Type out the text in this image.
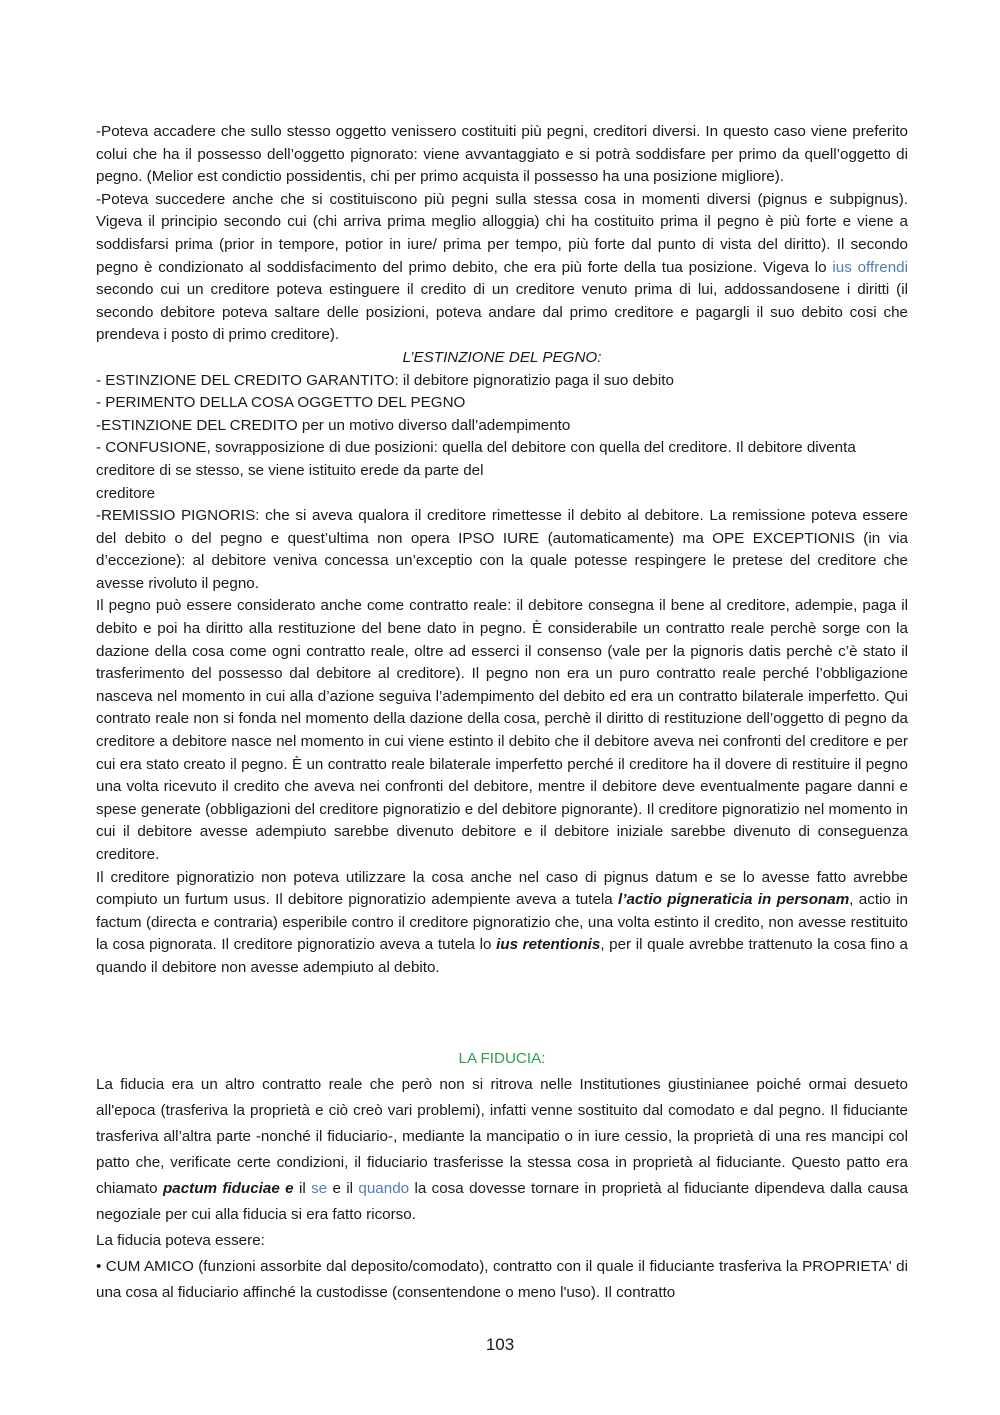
-Poteva accadere che sullo stesso oggetto venissero costituiti più pegni, creditori diversi. In questo caso viene preferito colui che ha il possesso dell’oggetto pignorato: viene avvantaggiato e si potrà soddisfare per primo da quell’oggetto di pegno. (Melior est condictio possidentis, chi per primo acquista il possesso ha una posizione migliore).

-Poteva succedere anche che si costituiscono più pegni sulla stessa cosa in momenti diversi (pignus e subpignus). Vigeva il principio secondo cui (chi arriva prima meglio alloggia) chi ha costituito prima il pegno è più forte e viene a soddisfarsi prima (prior in tempore, potior in iure/ prima per tempo, più forte dal punto di vista del diritto). Il secondo pegno è condizionato al soddisfacimento del primo debito, che era più forte della tua posizione. Vigeva lo ius offrendi secondo cui un creditore poteva estinguere il credito di un creditore venuto prima di lui, addossandosene i diritti (il secondo debitore poteva saltare delle posizioni, poteva andare dal primo creditore e pagargli il suo debito cosi che prendeva i posto di primo creditore).

L’ESTINZIONE DEL PEGNO:

- ESTINZIONE DEL CREDITO GARANTITO: il debitore pignoratizio paga il suo debito

- PERIMENTO DELLA COSA OGGETTO DEL PEGNO

-ESTINZIONE DEL CREDITO per un motivo diverso dall’adempimento

- CONFUSIONE, sovrapposizione di due posizioni: quella del debitore con quella del creditore. Il debitore diventa creditore di se stesso, se viene istituito erede da parte del

creditore

-REMISSIO PIGNORIS: che si aveva qualora il creditore rimettesse il debito al debitore. La remissione poteva essere del debito o del pegno e quest’ultima non opera IPSO IURE (automaticamente) ma OPE EXCEPTIONIS (in via d’eccezione): al debitore veniva concessa un’exceptio con la quale potesse respingere le pretese del creditore che avesse rivoluto il pegno.

Il pegno può essere considerato anche come contratto reale: il debitore consegna il bene al creditore, adempie, paga il debito e poi ha diritto alla restituzione del bene dato in pegno. È considerabile un contratto reale perchè sorge con la dazione della cosa come ogni contratto reale, oltre ad esserci il consenso (vale per la pignoris datis perchè c’è stato il trasferimento del possesso dal debitore al creditore). Il pegno non era un puro contratto reale perché l’obbligazione nasceva nel momento in cui alla d’azione seguiva l’adempimento del debito ed era un contratto bilaterale imperfetto. Qui contrato reale non si fonda nel momento della dazione della cosa, perchè il diritto di restituzione dell’oggetto di pegno da creditore a debitore nasce nel momento in cui viene estinto il debito che il debitore aveva nei confronti del creditore e per cui era stato creato il pegno. È un contratto reale bilaterale imperfetto perché il creditore ha il dovere di restituire il pegno una volta ricevuto il credito che aveva nei confronti del debitore, mentre il debitore deve eventualmente pagare danni e spese generate (obbligazioni del creditore pignoratizio e del debitore pignorante). Il creditore pignoratizio nel momento in cui il debitore avesse adempiuto sarebbe divenuto debitore e il debitore iniziale sarebbe divenuto di conseguenza creditore.

Il creditore pignoratizio non poteva utilizzare la cosa anche nel caso di pignus datum e se lo avesse fatto avrebbe compiuto un furtum usus. Il debitore pignoratizio adempiente aveva a tutela l’actio pigneraticia in personam, actio in factum (directa e contraria) esperibile contro il creditore pignoratizio che, una volta estinto il credito, non avesse restituito la cosa pignorata. Il creditore pignoratizio aveva a tutela lo ius retentionis, per il quale avrebbe trattenuto la cosa fino a quando il debitore non avesse adempiuto al debito.

LA FIDUCIA:

La fiducia era un altro contratto reale che però non si ritrova nelle Institutiones giustinianee poiché ormai desueto all'epoca (trasferiva la proprietà e ciò creò vari problemi), infatti venne sostituito dal comodato e dal pegno. Il fiduciante trasferiva all’altra parte -nonché il fiduciario-, mediante la mancipatio o in iure cessio, la proprietà di una res mancipi col patto che, verificate certe condizioni, il fiduciario trasferisse la stessa cosa in proprietà al fiduciante. Questo patto era chiamato pactum fiduciae e il se e il quando la cosa dovesse tornare in proprietà al fiduciante dipendeva dalla causa negoziale per cui alla fiducia si era fatto ricorso.

La fiducia poteva essere:

• CUM AMICO (funzioni assorbite dal deposito/comodato), contratto con il quale il fiduciante trasferiva la PROPRIETA' di una cosa al fiduciario affinché la custodisse (consentendone o meno l'uso). Il contratto

103
